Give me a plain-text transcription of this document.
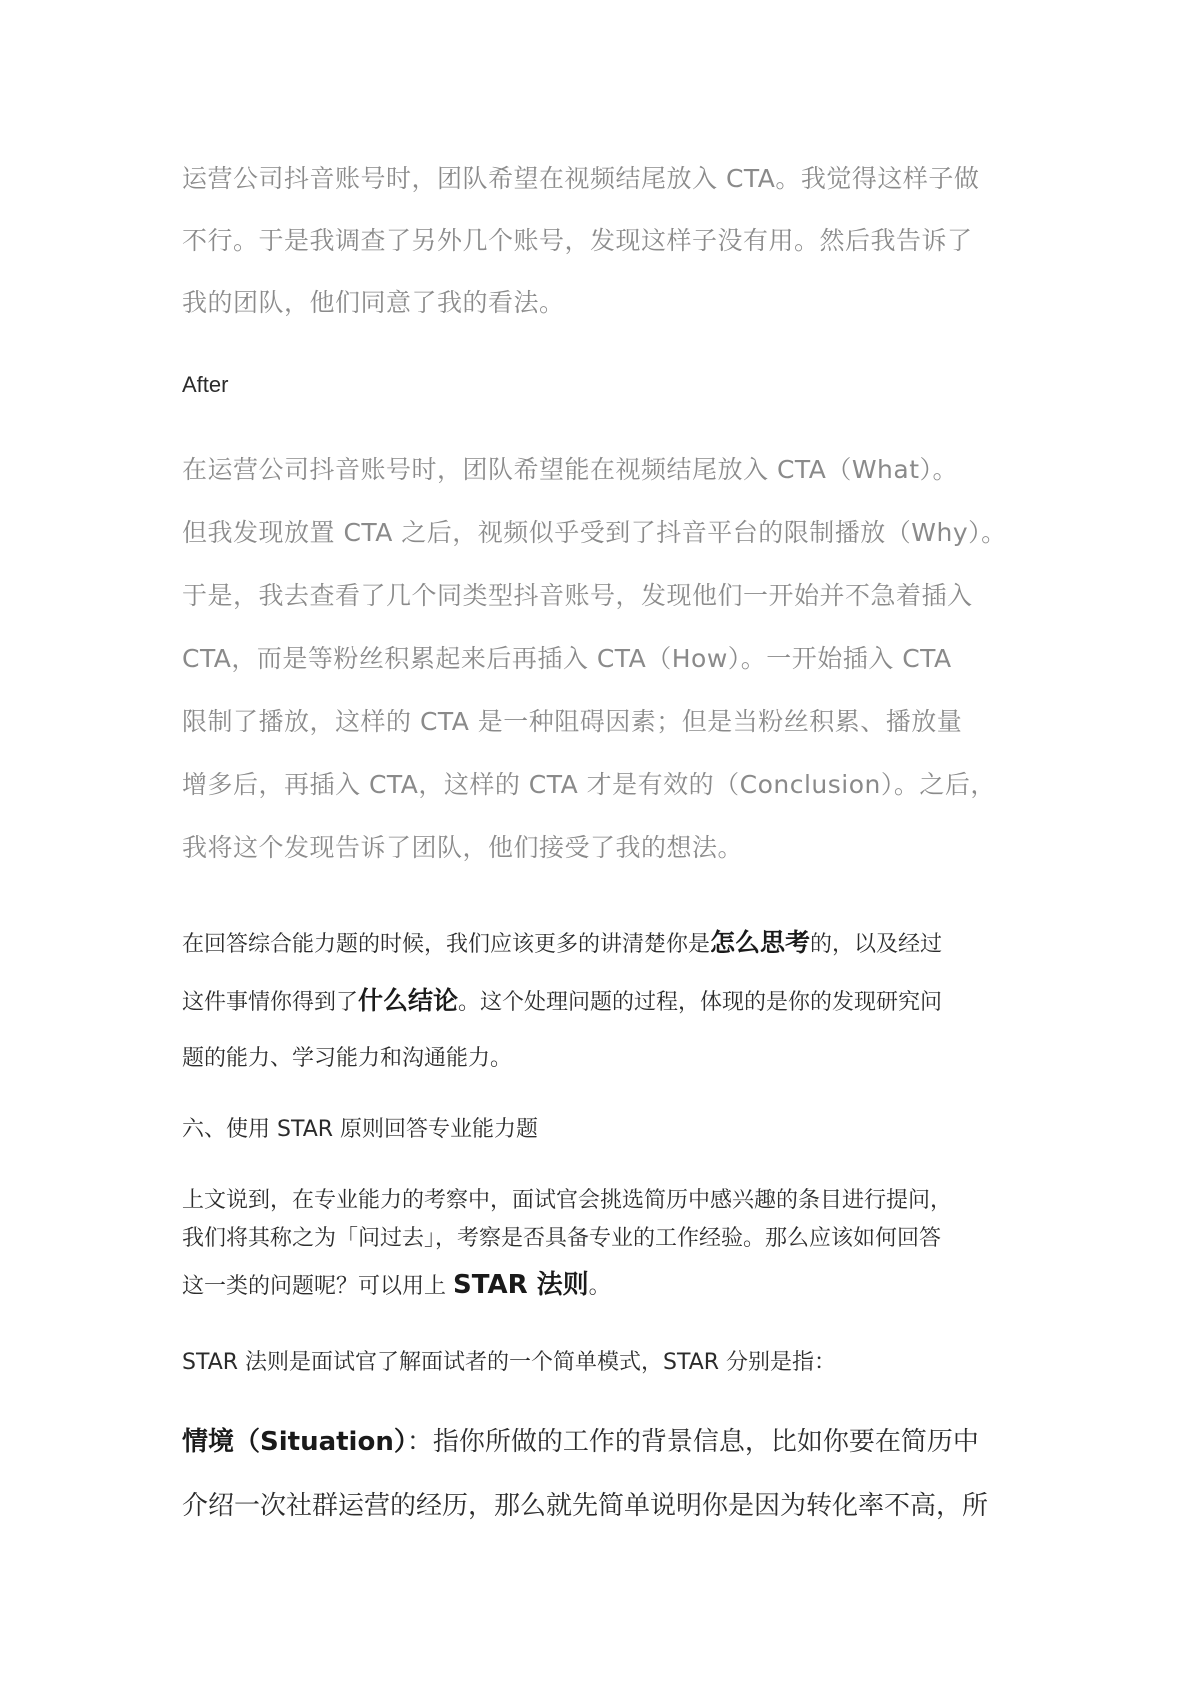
运营公司抖音账号时，团队希望在视频结尾放入 CTA。我觉得这样子做
不行。于是我调查了另外几个账号，发现这样子没有用。然后我告诉了
我的团队，他们同意了我的看法。
After
在运营公司抖音账号时，团队希望能在视频结尾放入 CTA（What）。
但我发现放置 CTA 之后，视频似乎受到了抖音平台的限制播放（Why）。
于是，我去查看了几个同类型抖音账号，发现他们一开始并不急着插入
CTA，而是等粉丝积累起来后再插入 CTA（How）。一开始插入 CTA
限制了播放，这样的 CTA 是一种阻碍因素；但是当粉丝积累、播放量
增多后，再插入 CTA，这样的 CTA 才是有效的（Conclusion）。之后，
我将这个发现告诉了团队，他们接受了我的想法。
在回答综合能力题的时候，我们应该更多的讲清楚你是怎么思考的，以及经过
这件事情你得到了什么结论。这个处理问题的过程，体现的是你的发现研究问
题的能力、学习能力和沟通能力。
六、使用 STAR 原则回答专业能力题
上文说到，在专业能力的考察中，面试官会挑选简历中感兴趣的条目进行提问，
我们将其称之为「问过去」，考察是否具备专业的工作经验。那么应该如何回答
这一类的问题呢？可以用上 STAR 法则。
STAR 法则是面试官了解面试者的一个简单模式，STAR 分别是指：
情境（Situation）：指你所做的工作的背景信息，比如你要在简历中
介绍一次社群运营的经历，那么就先简单说明你是因为转化率不高，所
